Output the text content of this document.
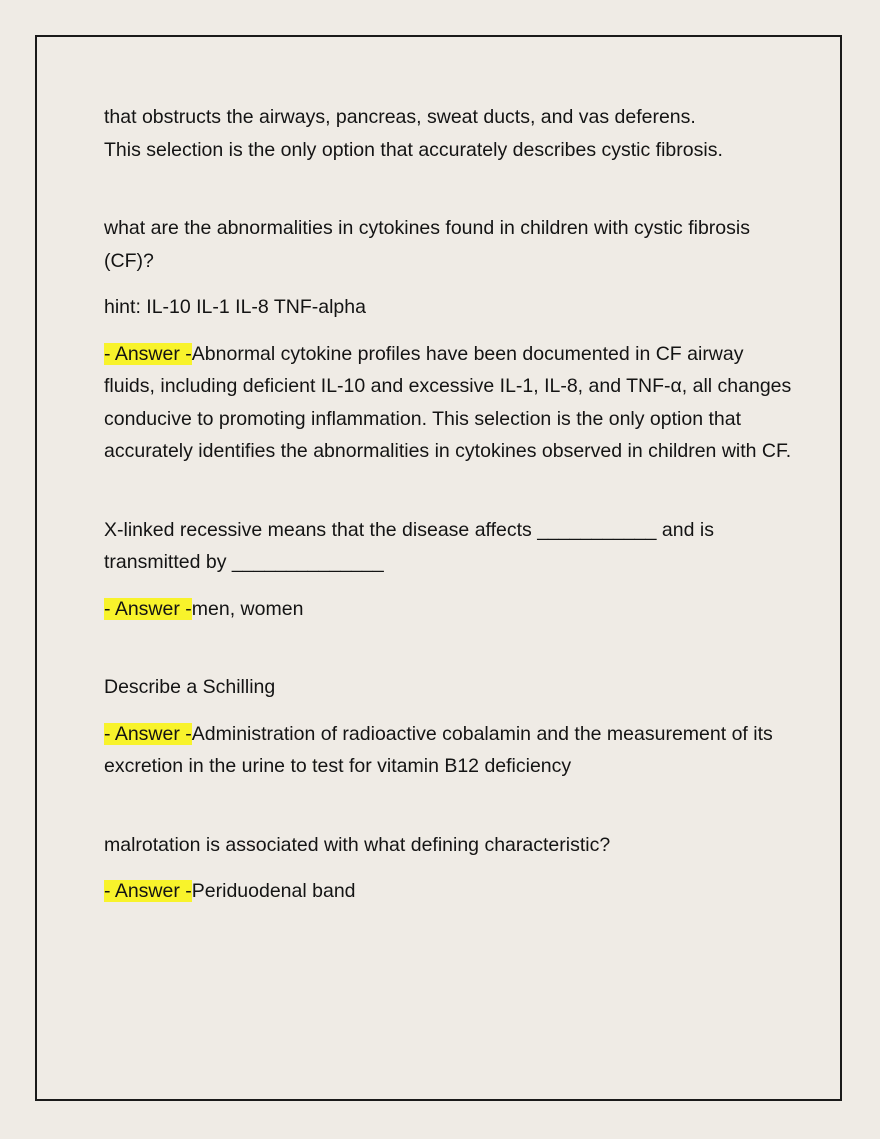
that obstructs the airways, pancreas, sweat ducts, and vas deferens.
This selection is the only option that accurately describes cystic fibrosis.

what are the abnormalities in cytokines found in children with cystic fibrosis (CF)?

hint: IL-10 IL-1 IL-8 TNF-alpha

- Answer -Abnormal cytokine profiles have been documented in CF airway fluids, including deficient IL-10 and excessive IL-1, IL-8, and TNF-α, all changes conducive to promoting inflammation. This selection is the only option that accurately identifies the abnormalities in cytokines observed in children with CF.

X-linked recessive means that the disease affects ___________ and is transmitted by ______________

- Answer -men, women

Describe a Schilling

- Answer -Administration of radioactive cobalamin and the measurement of its excretion in the urine to test for vitamin B12 deficiency

malrotation is associated with what defining characteristic?

- Answer -Periduodenal band
